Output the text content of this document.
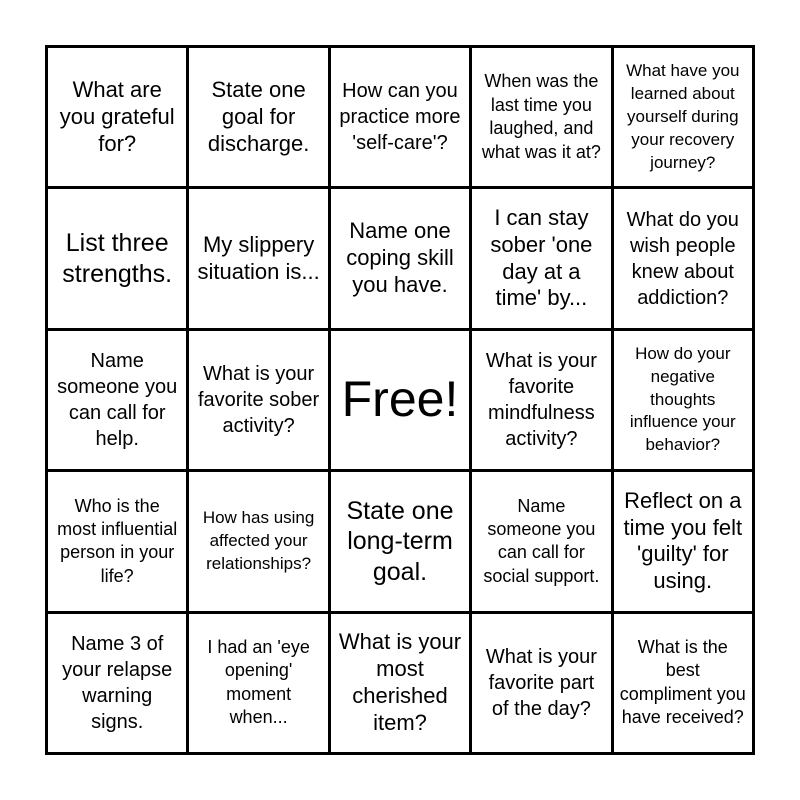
What are you grateful for?
State one goal for discharge.
How can you practice more 'self-care'?
When was the last time you laughed, and what was it at?
What have you learned about yourself during your recovery journey?
List three strengths.
My slippery situation is...
Name one coping skill you have.
I can stay sober 'one day at a time' by...
What do you wish people knew about addiction?
Name someone you can call for help.
What is your favorite sober activity? Free!
What is your favorite mindfulness activity?
How do your negative thoughts influence your behavior?
Who is the most influential person in your life?
How has using affected your relationships?
State one long-term goal.
Name someone you can call for social support.
Reflect on a time you felt 'guilty' for using.
Name 3 of your relapse warning signs.
I had an 'eye opening' moment when...
What is your most cherished item?
What is your favorite part of the day?
What is the best compliment you have received?
